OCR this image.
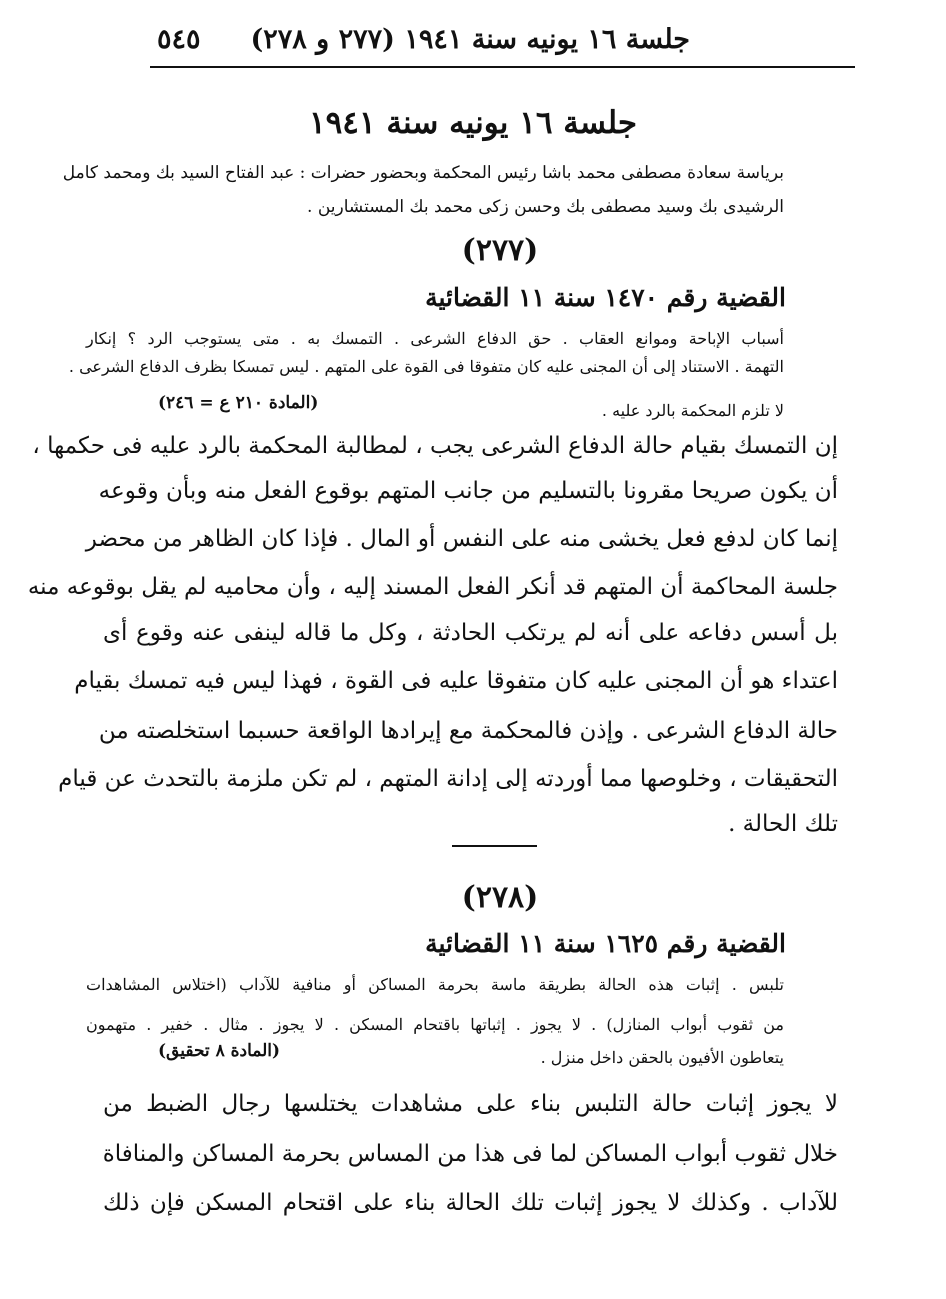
جلسة ١٦ يونيه سنة ١٩٤١ (٢٧٧ و ٢٧٨)
٥٤٥
جلسة ١٦ يونيه سنة ١٩٤١
برياسة سعادة مصطفى محمد باشا رئيس المحكمة وبحضور حضرات : عبد الفتاح السيد بك ومحمد كامل
الرشيدى بك وسيد مصطفى بك وحسن زكى محمد بك المستشارين .
(٢٧٧)
القضية رقم ١٤٧٠ سنة ١١ القضائية
أسباب الإباحة وموانع العقاب . حق الدفاع الشرعى . التمسك به . متى يستوجب الرد ؟ إنكار
التهمة . الاستناد إلى أن المجنى عليه كان متفوقا فى القوة على المتهم . ليس تمسكا بظرف الدفاع الشرعى .
لا تلزم المحكمة بالرد عليه .
(المادة ٢١٠ ع = ٢٤٦)
إن التمسك بقيام حالة الدفاع الشرعى يجب ، لمطالبة المحكمة بالرد عليه فى حكمها ،
أن يكون صريحا مقرونا بالتسليم من جانب المتهم بوقوع الفعل منه وبأن وقوعه
إنما كان لدفع فعل يخشى منه على النفس أو المال . فإذا كان الظاهر من محضر
جلسة المحاكمة أن المتهم قد أنكر الفعل المسند إليه ، وأن محاميه لم يقل بوقوعه منه
بل أسس دفاعه على أنه لم يرتكب الحادثة ، وكل ما قاله لينفى عنه وقوع أى
اعتداء هو أن المجنى عليه كان متفوقا عليه فى القوة ، فهذا ليس فيه تمسك بقيام
حالة الدفاع الشرعى . وإذن فالمحكمة مع إيرادها الواقعة حسبما استخلصته من
التحقيقات ، وخلوصها مما أوردته إلى إدانة المتهم ، لم تكن ملزمة بالتحدث عن قيام
تلك الحالة .
(٢٧٨)
القضية رقم ١٦٢٥ سنة ١١ القضائية
تلبس . إثبات هذه الحالة بطريقة ماسة بحرمة المساكن أو منافية للآداب (اختلاس المشاهدات
من ثقوب أبواب المنازل) . لا يجوز . إثباتها باقتحام المسكن . لا يجوز . مثال . خفير . متهمون
يتعاطون الأفيون بالحقن داخل منزل .
(المادة ٨ تحقيق)
لا يجوز إثبات حالة التلبس بناء على مشاهدات يختلسها رجال الضبط من
خلال ثقوب أبواب المساكن لما فى هذا من المساس بحرمة المساكن والمنافاة
للآداب . وكذلك لا يجوز إثبات تلك الحالة بناء على اقتحام المسكن فإن ذلك
